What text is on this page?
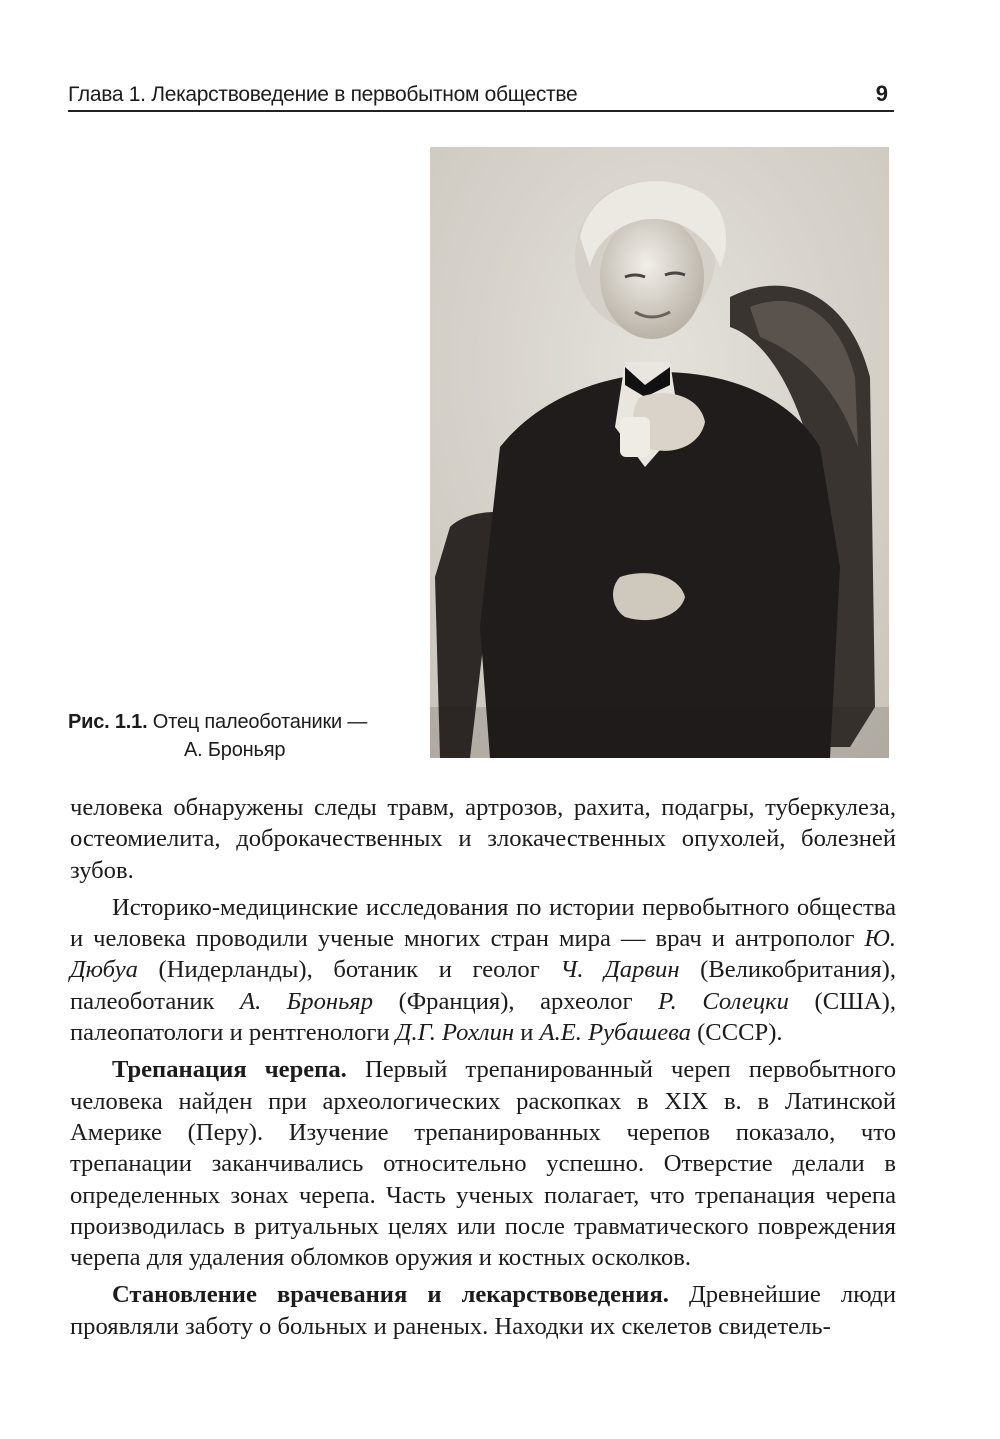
Глава 1. Лекарствоведение в первобытном обществе	9
Рис. 1.1. Отец палеоботаники —
А. Броньяр

человека обнаружены следы травм, артрозов, рахита, подагры, туберкулеза, остеомиелита, доброкачественных и злокачественных опухолей, болезней зубов.

Историко-медицинские исследования по истории первобытного общества и человека проводили ученые многих стран мира — врач и антрополог Ю. Дюбуа (Нидерланды), ботаник и геолог Ч. Дарвин (Великобритания), палеоботаник А. Броньяр (Франция), археолог Р. Солецки (США), палеопатологи и рентгенологи Д.Г. Рохлин и А.Е. Рубашева (СССР).

Трепанация черепа. Первый трепанированный череп первобытного человека найден при археологических раскопках в XIX в. в Латинской Америке (Перу). Изучение трепанированных черепов показало, что трепанации заканчивались относительно успешно. Отверстие делали в определенных зонах черепа. Часть ученых полагает, что трепанация черепа производилась в ритуальных целях или после травматического повреждения черепа для удаления обломков оружия и костных осколков.

Становление врачевания и лекарствоведения. Древнейшие люди проявляли заботу о больных и раненых. Находки их скелетов свидетель-
